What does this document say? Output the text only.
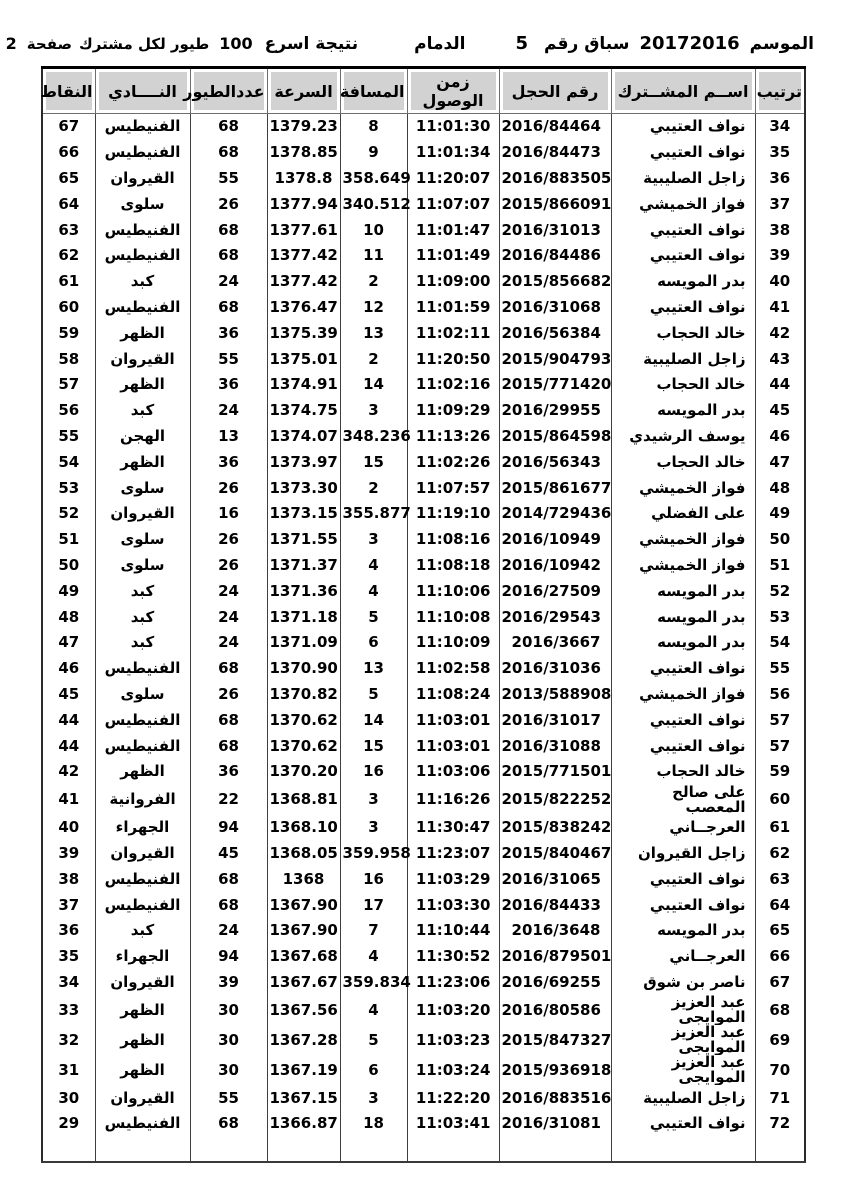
الموسم
20172016
سباق رقم
5
الدمام
نتيجة اسرع
100
طيور لكل مشترك
صفحة
2
ترتيب	اســم المشــترك	رقم الحجل	زمن الوصول	المسافة	السرعة	عددالطيور	النــــادي	النقاط
34	نواف العتيبي	2016/84464	11:01:30	8	1379.23	68	الفنيطيس	67
35	نواف العتيبي	2016/84473	11:01:34	9	1378.85	68	الفنيطيس	66
36	زاجل الصليبية	2016/883505	11:20:07	358.649	1378.8	55	القيروان	65
37	فواز الخميشي	2015/866091	11:07:07	340.512	1377.94	26	سلوى	64
38	نواف العتيبي	2016/31013	11:01:47	10	1377.61	68	الفنيطيس	63
39	نواف العتيبي	2016/84486	11:01:49	11	1377.42	68	الفنيطيس	62
40	بدر المويسه	2015/856682	11:09:00	2	1377.42	24	كبد	61
41	نواف العتيبي	2016/31068	11:01:59	12	1376.47	68	الفنيطيس	60
42	خالد الحجاب	2016/56384	11:02:11	13	1375.39	36	الظهر	59
43	زاجل الصليبية	2015/904793	11:20:50	2	1375.01	55	القيروان	58
44	خالد الحجاب	2015/771420	11:02:16	14	1374.91	36	الظهر	57
45	بدر المويسه	2016/29955	11:09:29	3	1374.75	24	كبد	56
46	يوسف الرشيدي	2015/864598	11:13:26	348.236	1374.07	13	الهجن	55
47	خالد الحجاب	2016/56343	11:02:26	15	1373.97	36	الظهر	54
48	فواز الخميشي	2015/861677	11:07:57	2	1373.30	26	سلوى	53
49	على الفضلي	2014/729436	11:19:10	355.877	1373.15	16	القيروان	52
50	فواز الخميشي	2016/10949	11:08:16	3	1371.55	26	سلوى	51
51	فواز الخميشي	2016/10942	11:08:18	4	1371.37	26	سلوى	50
52	بدر المويسه	2016/27509	11:10:06	4	1371.36	24	كبد	49
53	بدر المويسه	2016/29543	11:10:08	5	1371.18	24	كبد	48
54	بدر المويسه	2016/3667	11:10:09	6	1371.09	24	كبد	47
55	نواف العتيبي	2016/31036	11:02:58	13	1370.90	68	الفنيطيس	46
56	فواز الخميشي	2013/588908	11:08:24	5	1370.82	26	سلوى	45
57	نواف العتيبي	2016/31017	11:03:01	14	1370.62	68	الفنيطيس	44
57	نواف العتيبي	2016/31088	11:03:01	15	1370.62	68	الفنيطيس	44
59	خالد الحجاب	2015/771501	11:03:06	16	1370.20	36	الظهر	42
60	على صالح المعصب	2015/822252	11:16:26	3	1368.81	22	الفروانية	41
61	العرجــاني	2015/838242	11:30:47	3	1368.10	94	الجهراء	40
62	زاجل القيروان	2015/840467	11:23:07	359.958	1368.05	45	القيروان	39
63	نواف العتيبي	2016/31065	11:03:29	16	1368	68	الفنيطيس	38
64	نواف العتيبي	2016/84433	11:03:30	17	1367.90	68	الفنيطيس	37
65	بدر المويسه	2016/3648	11:10:44	7	1367.90	24	كبد	36
66	العرجــاني	2016/879501	11:30:52	4	1367.68	94	الجهراء	35
67	ناصر بن شوق	2016/69255	11:23:06	359.834	1367.67	39	القيروان	34
68	عبد العزيز الموايجى	2016/80586	11:03:20	4	1367.56	30	الظهر	33
69	عبد العزيز الموايجى	2015/847327	11:03:23	5	1367.28	30	الظهر	32
70	عبد العزيز الموايجى	2015/936918	11:03:24	6	1367.19	30	الظهر	31
71	زاجل الصليبية	2016/883516	11:22:20	3	1367.15	55	القيروان	30
72	نواف العتيبي	2016/31081	11:03:41	18	1366.87	68	الفنيطيس	29
